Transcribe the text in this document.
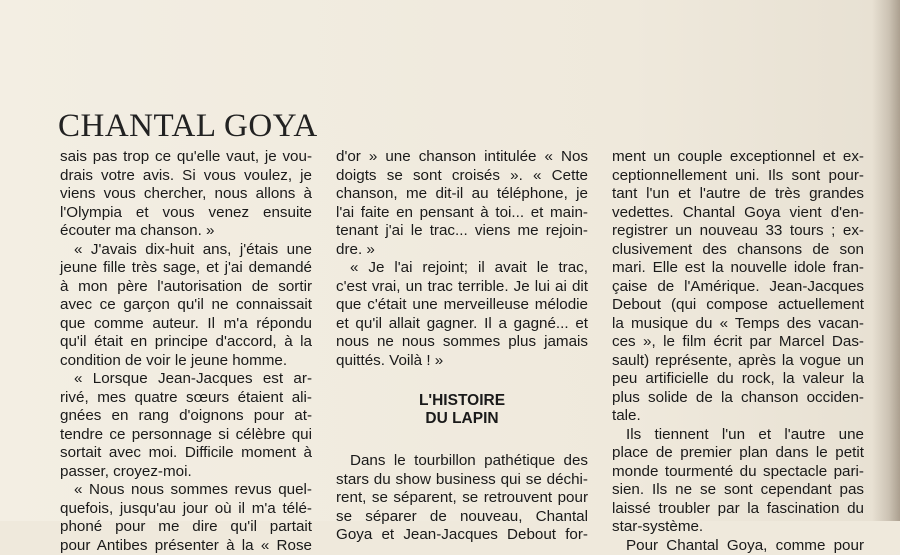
CHANTAL GOYA

sais pas trop ce qu'elle vaut, je vou-
drais votre avis. Si vous voulez, je
viens vous chercher, nous allons à
l'Olympia et vous venez ensuite
écouter ma chanson. »

« J'avais dix-huit ans, j'étais une
jeune fille très sage, et j'ai demandé
à mon père l'autorisation de sortir
avec ce garçon qu'il ne connaissait
que comme auteur. Il m'a répondu
qu'il était en principe d'accord, à la
condition de voir le jeune homme.

« Lorsque Jean-Jacques est ar-
rivé, mes quatre sœurs étaient ali-
gnées en rang d'oignons pour at-
tendre ce personnage si célèbre qui
sortait avec moi. Difficile moment à
passer, croyez-moi.

« Nous nous sommes revus quel-
quefois, jusqu'au jour où il m'a télé-
phoné pour me dire qu'il partait
pour Antibes présenter à la « Rose

d'or » une chanson intitulée « Nos
doigts se sont croisés ». « Cette
chanson, me dit-il au téléphone, je
l'ai faite en pensant à toi... et main-
tenant j'ai le trac... viens me rejoin-
dre. »

« Je l'ai rejoint; il avait le trac,
c'est vrai, un trac terrible. Je lui ai dit
que c'était une merveilleuse mélodie
et qu'il allait gagner. Il a gagné... et
nous ne nous sommes plus jamais
quittés. Voilà ! »

L'HISTOIRE
DU LAPIN

Dans le tourbillon pathétique des
stars du show business qui se déchi-
rent, se séparent, se retrouvent pour
se séparer de nouveau, Chantal
Goya et Jean-Jacques Debout for-

ment un couple exceptionnel et ex-
ceptionnellement uni. Ils sont pour-
tant l'un et l'autre de très grandes
vedettes. Chantal Goya vient d'en-
registrer un nouveau 33 tours ; ex-
clusivement des chansons de son
mari. Elle est la nouvelle idole fran-
çaise de l'Amérique. Jean-Jacques
Debout (qui compose actuellement
la musique du « Temps des vacan-
ces », le film écrit par Marcel Das-
sault) représente, après la vogue un
peu artificielle du rock, la valeur la
plus solide de la chanson occiden-
tale.

Ils tiennent l'un et l'autre une
place de premier plan dans le petit
monde tourmenté du spectacle pari-
sien. Ils ne se sont cependant pas
laissé troubler par la fascination du
star-système.

Pour Chantal Goya, comme pour
